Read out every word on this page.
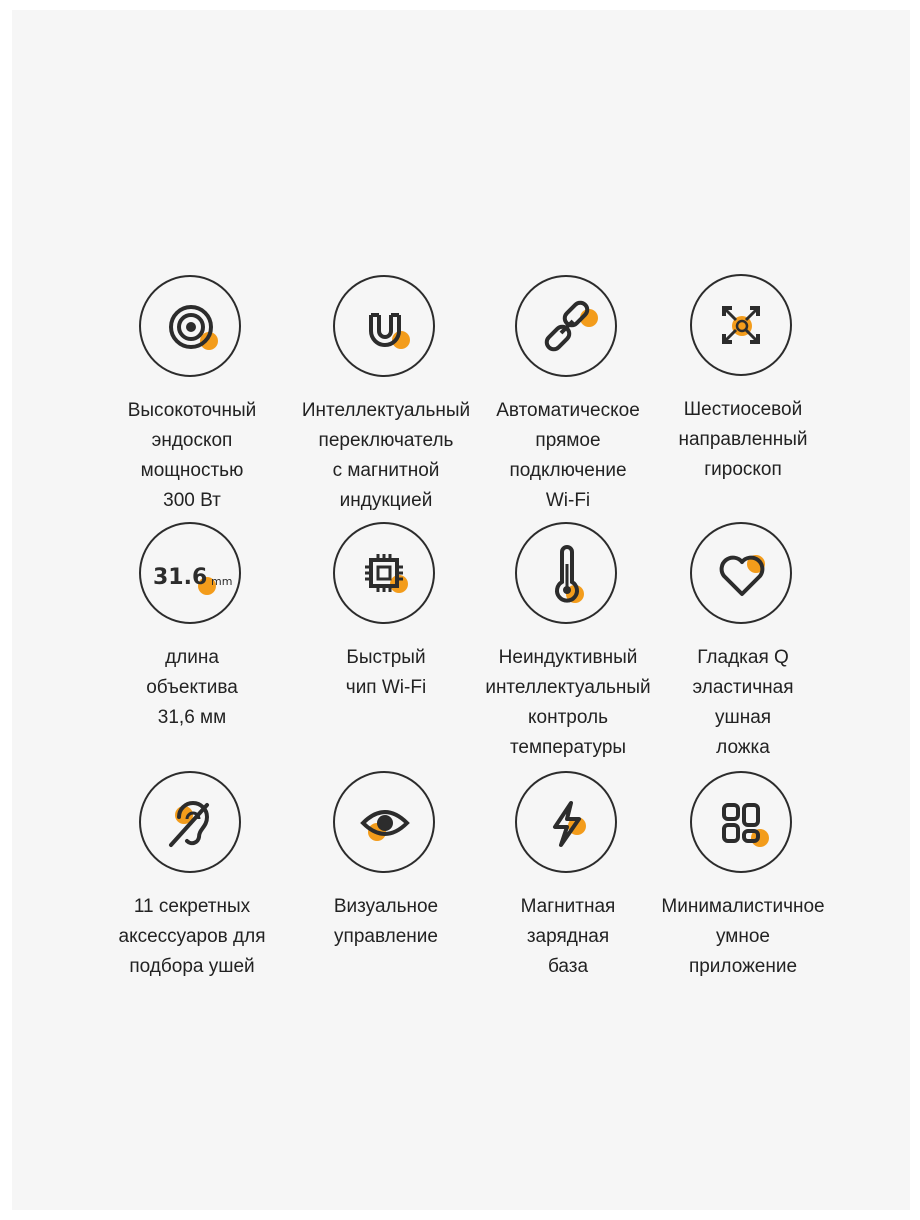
Высокоточный
эндоскоп
мощностью
300 Вт
Интеллектуальный
переключатель
с магнитной
индукцией
Автоматическое
прямое
подключение
Wi-Fi
Шестиосевой
направленный
гироскоп
31.6 mm
длина
объектива
31,6 мм
Быстрый
чип Wi-Fi
Неиндуктивный
интеллектуальный
контроль
температуры
Гладкая Q
эластичная
ушная
ложка
11 секретных
аксессуаров для
подбора ушей
Визуальное
управление
Магнитная
зарядная
база
Минималистичное
умное
приложение
